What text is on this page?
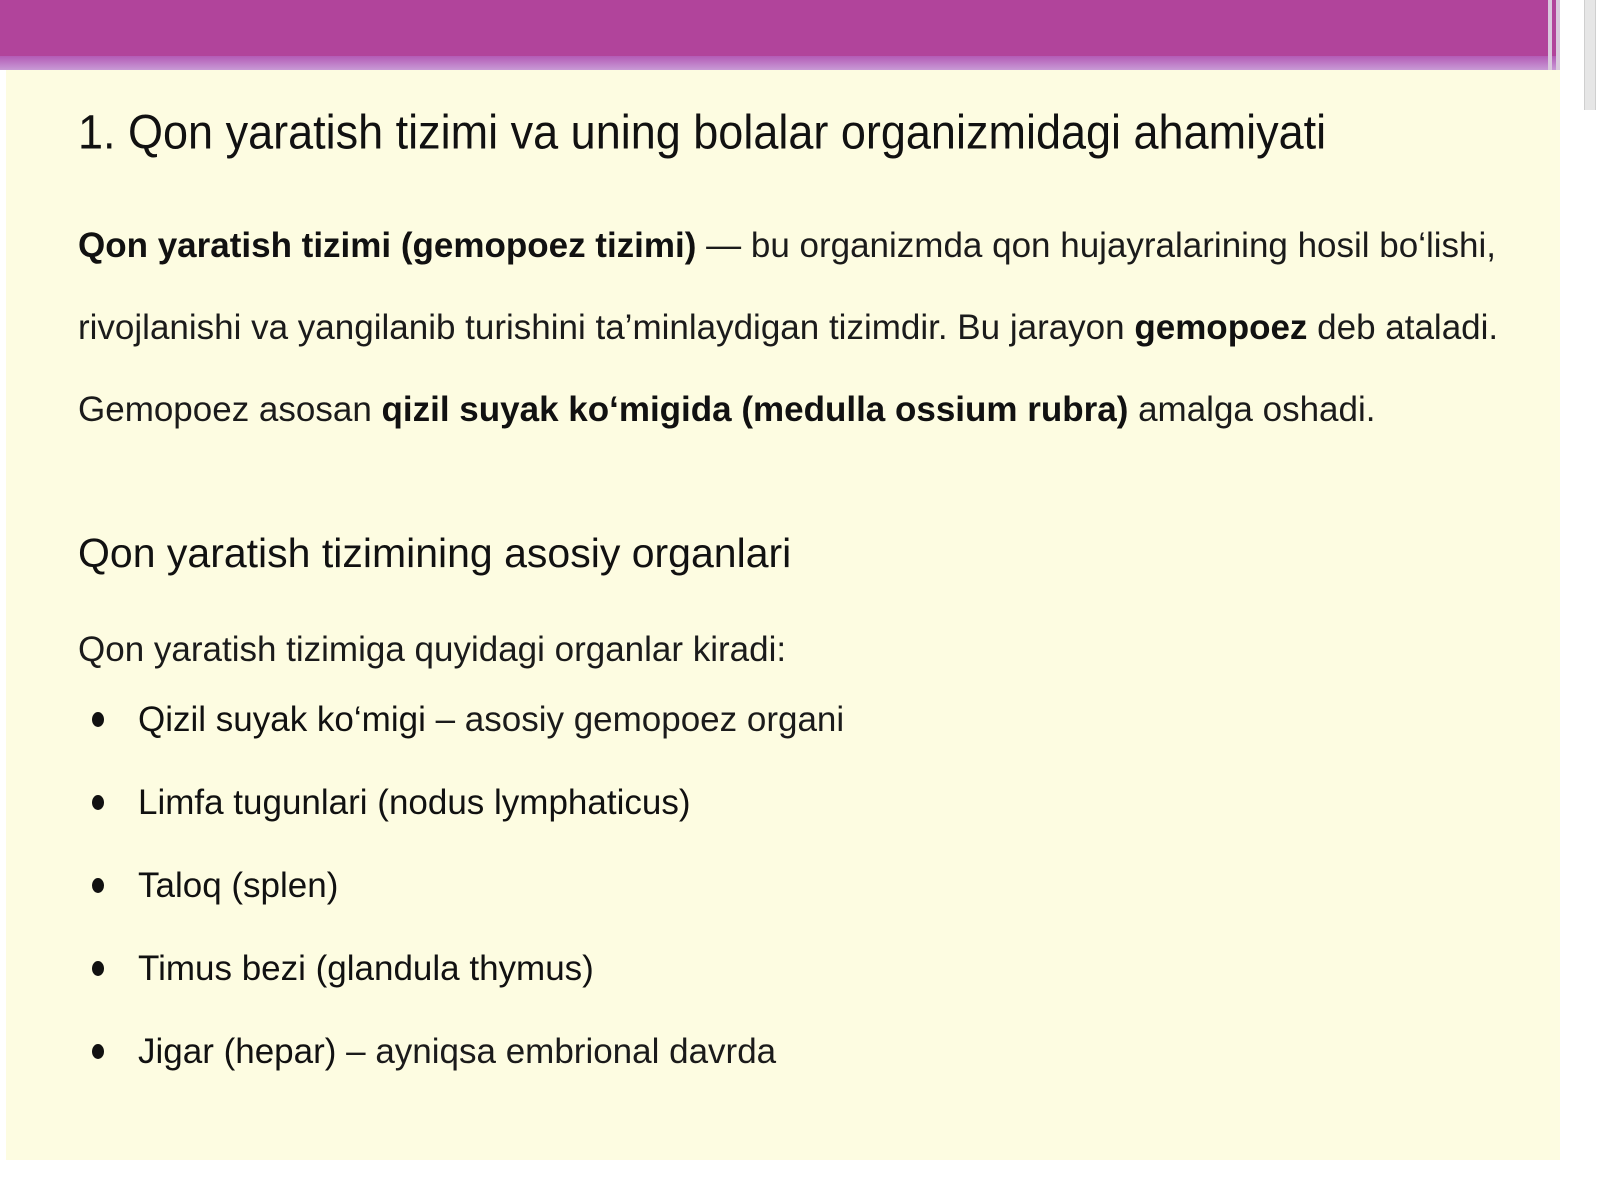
1. Qon yaratish tizimi va uning bolalar organizmidagi ahamiyati

Qon yaratish tizimi (gemopoez tizimi) — bu organizmda qon hujayralarining hosil bo‘lishi, rivojlanishi va yangilanib turishini ta’minlaydigan tizimdir. Bu jarayon gemopoez deb ataladi. Gemopoez asosan qizil suyak ko‘migida (medulla ossium rubra) amalga oshadi.

Qon yaratish tizimining asosiy organlari

Qon yaratish tizimiga quyidagi organlar kiradi:

Qizil suyak ko‘migi – asosiy gemopoez organi
Limfa tugunlari (nodus lymphaticus)
Taloq (splen)
Timus bezi (glandula thymus)
Jigar (hepar) – ayniqsa embrional davrda
